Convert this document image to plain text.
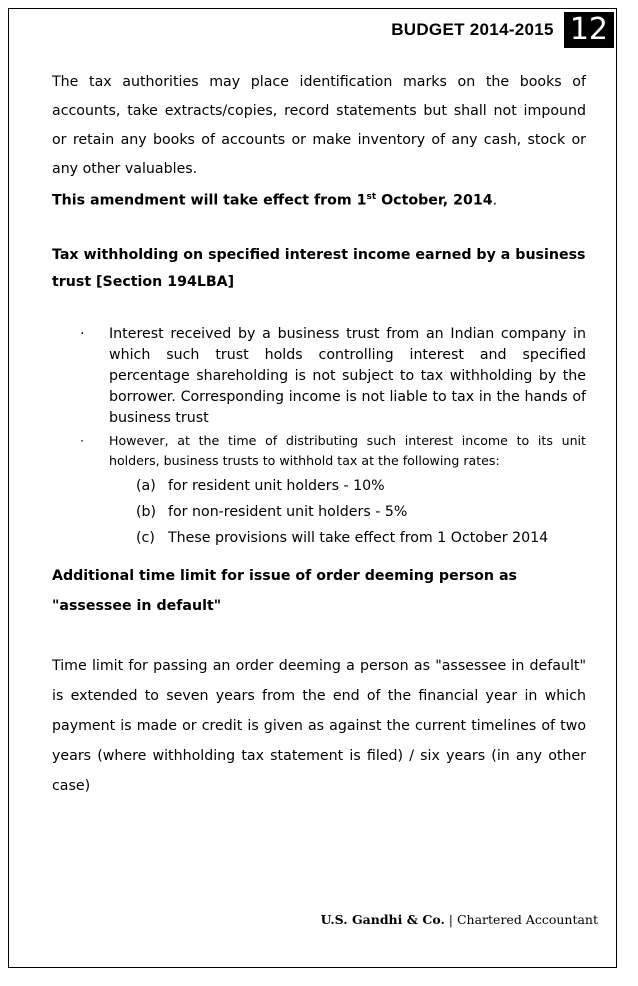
BUDGET 2014-2015 12

The tax authorities may place identification marks on the books of accounts, take extracts/copies, record statements but shall not impound or retain any books of accounts or make inventory of any cash, stock or any other valuables.

This amendment will take effect from 1st October, 2014.

Tax withholding on specified interest income earned by a business trust [Section 194LBA]

· Interest received by a business trust from an Indian company in which such trust holds controlling interest and specified percentage shareholding is not subject to tax withholding by the borrower. Corresponding income is not liable to tax in the hands of business trust
· However, at the time of distributing such interest income to its unit holders, business trusts to withhold tax at the following rates:
(a) for resident unit holders - 10%
(b) for non-resident unit holders - 5%
(c) These provisions will take effect from 1 October 2014

Additional time limit for issue of order deeming person as "assessee in default"

Time limit for passing an order deeming a person as "assessee in default" is extended to seven years from the end of the financial year in which payment is made or credit is given as against the current timelines of two years (where withholding tax statement is filed) / six years (in any other case)

U.S. Gandhi & Co. | Chartered Accountant
